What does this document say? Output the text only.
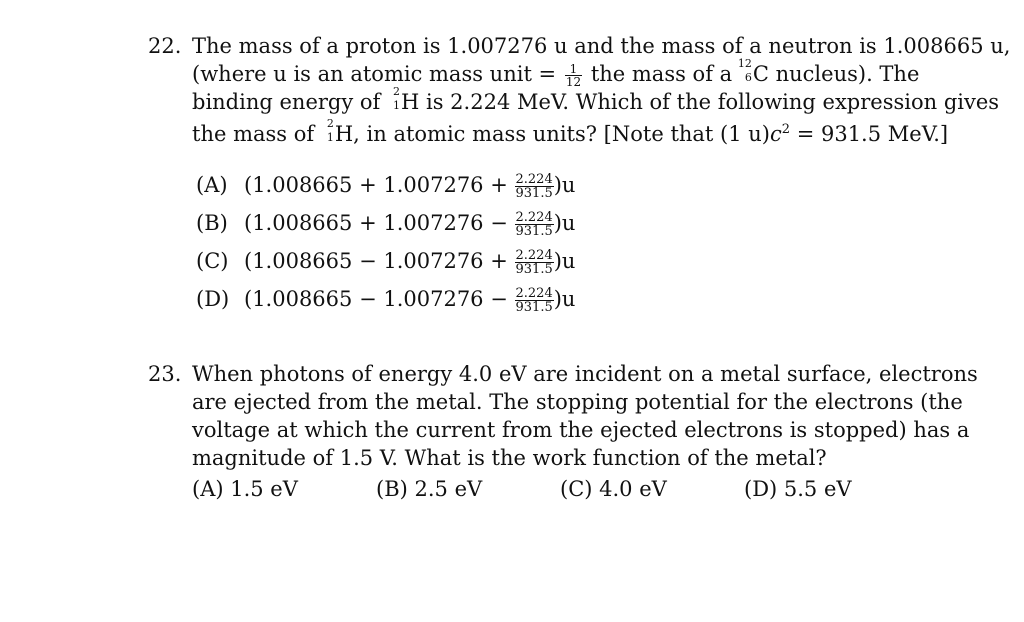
22. The mass of a proton is 1.007276 u and the mass of a neutron is 1.008665 u,
(where u is an atomic mass unit = $\frac{1}{12}$ the mass of a 12
6 C nucleus). The
binding energy of 2
1 H is 2.224 MeV. Which of the following expression gives
the mass of 2
1 H, in atomic mass units? [Note that (1 $u)c^2 = 931.5$ MeV.]
(A) $(1.008665 + 1.007276 + \frac{2.224}{931.5} )u$
(B) $(1.008665 + 1.007276 - \frac{2.224}{931.5} )u$
(C) $(1.008665 - 1.007276 + \frac{2.224}{931.5} )u$
(D) $(1.008665 - 1.007276 - \frac{2.224}{931.5} )u$
23. When photons of energy 4.0 eV are incident on a metal surface, electrons
are ejected from the metal. The stopping potential for the electrons (the
voltage at which the current from the ejected electrons is stopped) has a
magnitude of 1.5 V. What is the work function of the metal?
(A) 1.5 eV	(B) 2.5 eV	(C) 4.0 eV	(D) 5.5 eV
